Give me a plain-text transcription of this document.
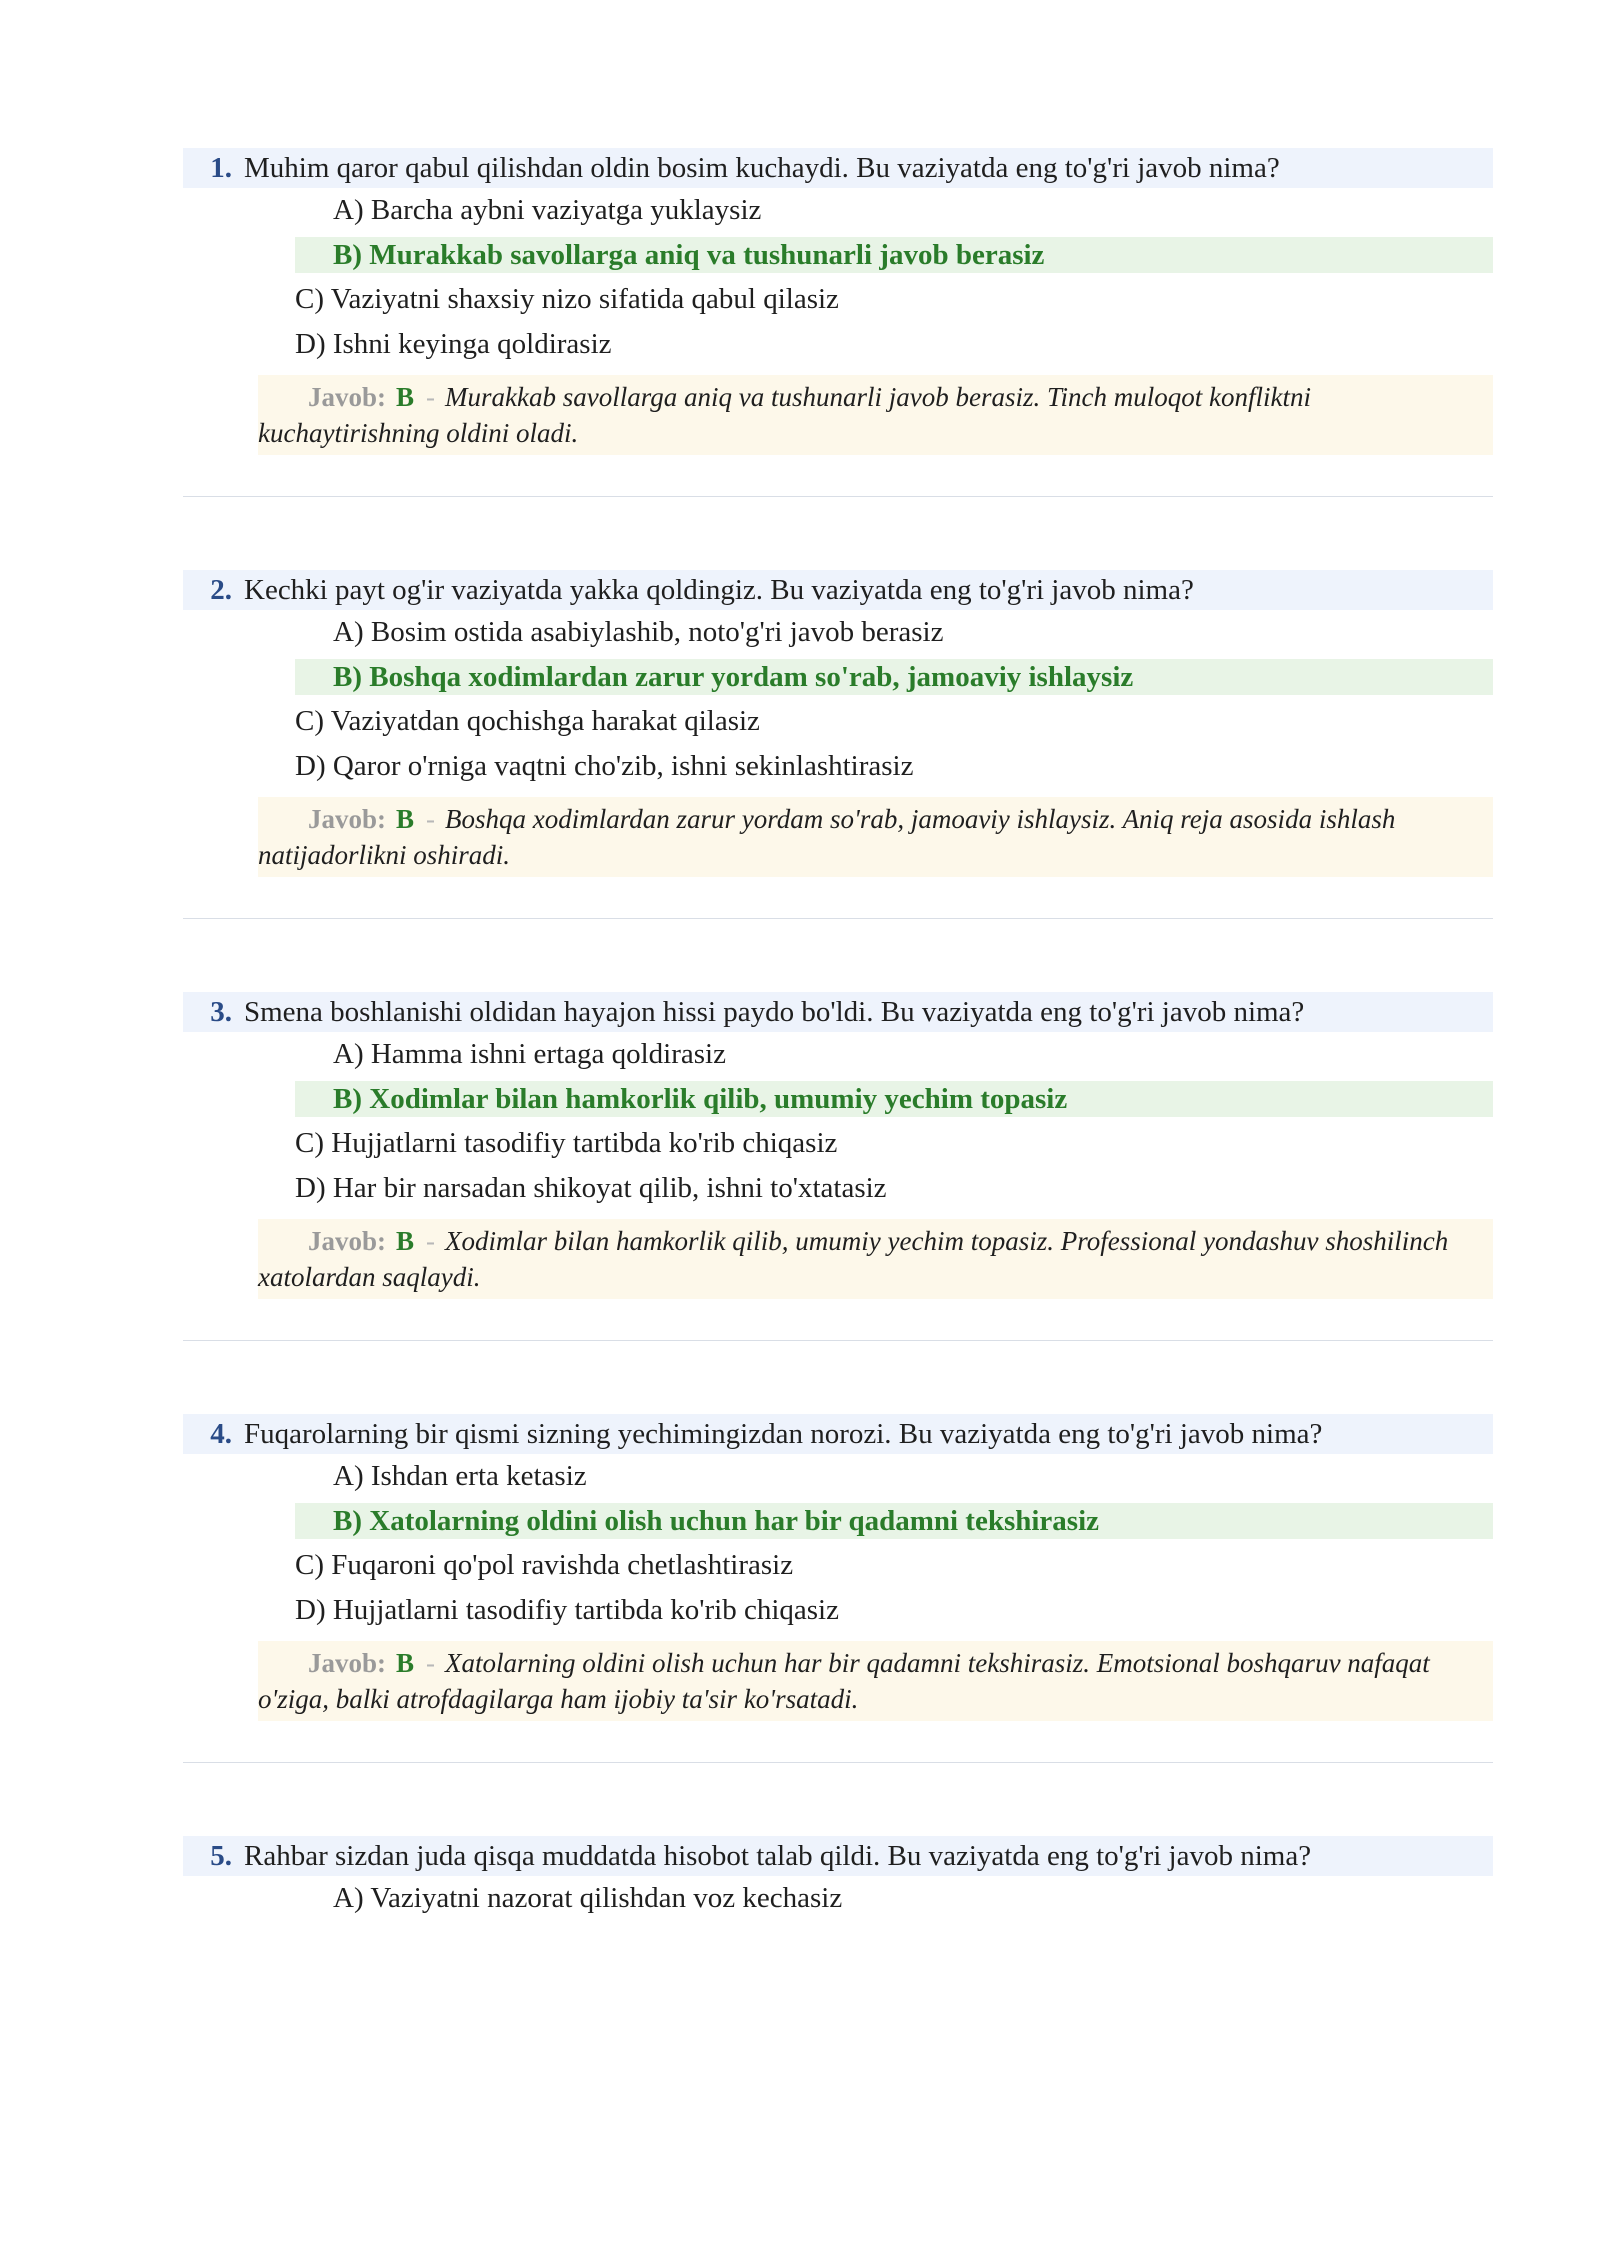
1. Muhim qaror qabul qilishdan oldin bosim kuchaydi. Bu vaziyatda eng to'g'ri javob nima?
A) Barcha aybni vaziyatga yuklaysiz
B) Murakkab savollarga aniq va tushunarli javob berasiz
C) Vaziyatni shaxsiy nizo sifatida qabul qilasiz
D) Ishni keyinga qoldirasiz
Javob: B - Murakkab savollarga aniq va tushunarli javob berasiz. Tinch muloqot konfliktni kuchaytirishning oldini oladi.
2. Kechki payt og'ir vaziyatda yakka qoldingiz. Bu vaziyatda eng to'g'ri javob nima?
A) Bosim ostida asabiylashib, noto'g'ri javob berasiz
B) Boshqa xodimlardan zarur yordam so'rab, jamoaviy ishlaysiz
C) Vaziyatdan qochishga harakat qilasiz
D) Qaror o'rniga vaqtni cho'zib, ishni sekinlashtirasiz
Javob: B - Boshqa xodimlardan zarur yordam so'rab, jamoaviy ishlaysiz. Aniq reja asosida ishlash natijadorlikni oshiradi.
3. Smena boshlanishi oldidan hayajon hissi paydo bo'ldi. Bu vaziyatda eng to'g'ri javob nima?
A) Hamma ishni ertaga qoldirasiz
B) Xodimlar bilan hamkorlik qilib, umumiy yechim topasiz
C) Hujjatlarni tasodifiy tartibda ko'rib chiqasiz
D) Har bir narsadan shikoyat qilib, ishni to'xtatasiz
Javob: B - Xodimlar bilan hamkorlik qilib, umumiy yechim topasiz. Professional yondashuv shoshilinch xatolardan saqlaydi.
4. Fuqarolarning bir qismi sizning yechimingizdan norozi. Bu vaziyatda eng to'g'ri javob nima?
A) Ishdan erta ketasiz
B) Xatolarning oldini olish uchun har bir qadamni tekshirasiz
C) Fuqaroni qo'pol ravishda chetlashtirasiz
D) Hujjatlarni tasodifiy tartibda ko'rib chiqasiz
Javob: B - Xatolarning oldini olish uchun har bir qadamni tekshirasiz. Emotsional boshqaruv nafaqat o'ziga, balki atrofdagilarga ham ijobiy ta'sir ko'rsatadi.
5. Rahbar sizdan juda qisqa muddatda hisobot talab qildi. Bu vaziyatda eng to'g'ri javob nima?
A) Vaziyatni nazorat qilishdan voz kechasiz
